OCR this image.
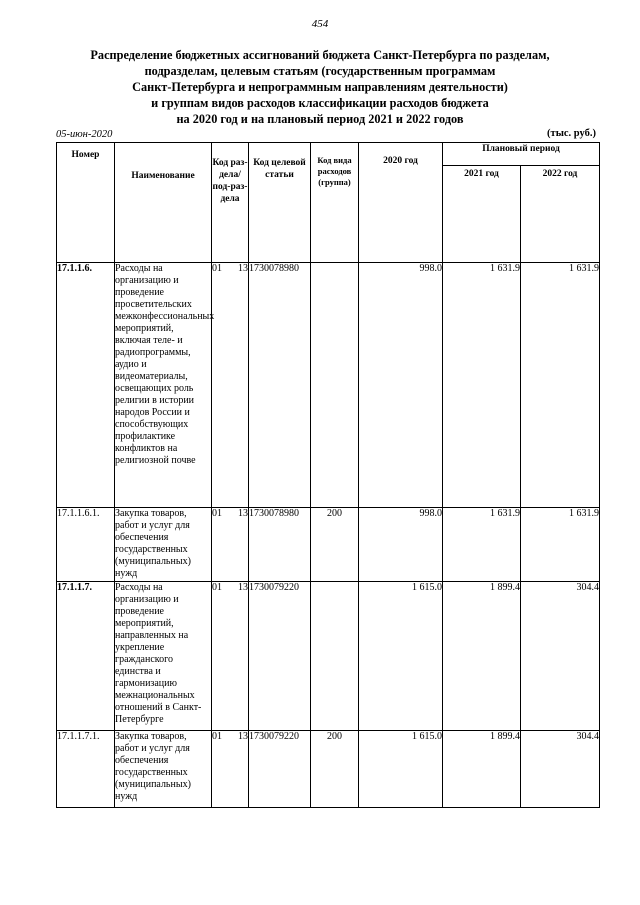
454
Распределение бюджетных ассигнований бюджета Санкт-Петербурга по разделам,
подразделам, целевым статьям (государственным программам
Санкт-Петербурга и непрограммным направлениям деятельности)
и группам видов расходов классификации расходов бюджета
на 2020 год и на плановый период 2021 и 2022 годов
05-июн-2020	(тыс. руб.)
Номер	Наименование	Код раз-дела/ под-раз-дела	Код целевой статьи	Код вида расходов (группа)	2020 год	Плановый период	
						2021 год	2022 год
17.1.1.6.	Расходы на организацию и проведение просветительских межконфессиональных мероприятий, включая теле- и радиопрограммы, аудио и видеоматериалы, освещающих роль религии в истории народов России и способствующих профилактике конфликтов на религиозной почве	01 13	1730078980		998.0	1 631.9	1 631.9
17.1.1.6.1.	Закупка товаров, работ и услуг для обеспечения государственных (муниципальных) нужд	01 13	1730078980	200	998.0	1 631.9	1 631.9
17.1.1.7.	Расходы на организацию и проведение мероприятий, направленных на укрепление гражданского единства и гармонизацию межнациональных отношений в Санкт-Петербурге	01 13	1730079220		1 615.0	1 899.4	304.4
17.1.1.7.1.	Закупка товаров, работ и услуг для обеспечения государственных (муниципальных) нужд	01 13	1730079220	200	1 615.0	1 899.4	304.4
